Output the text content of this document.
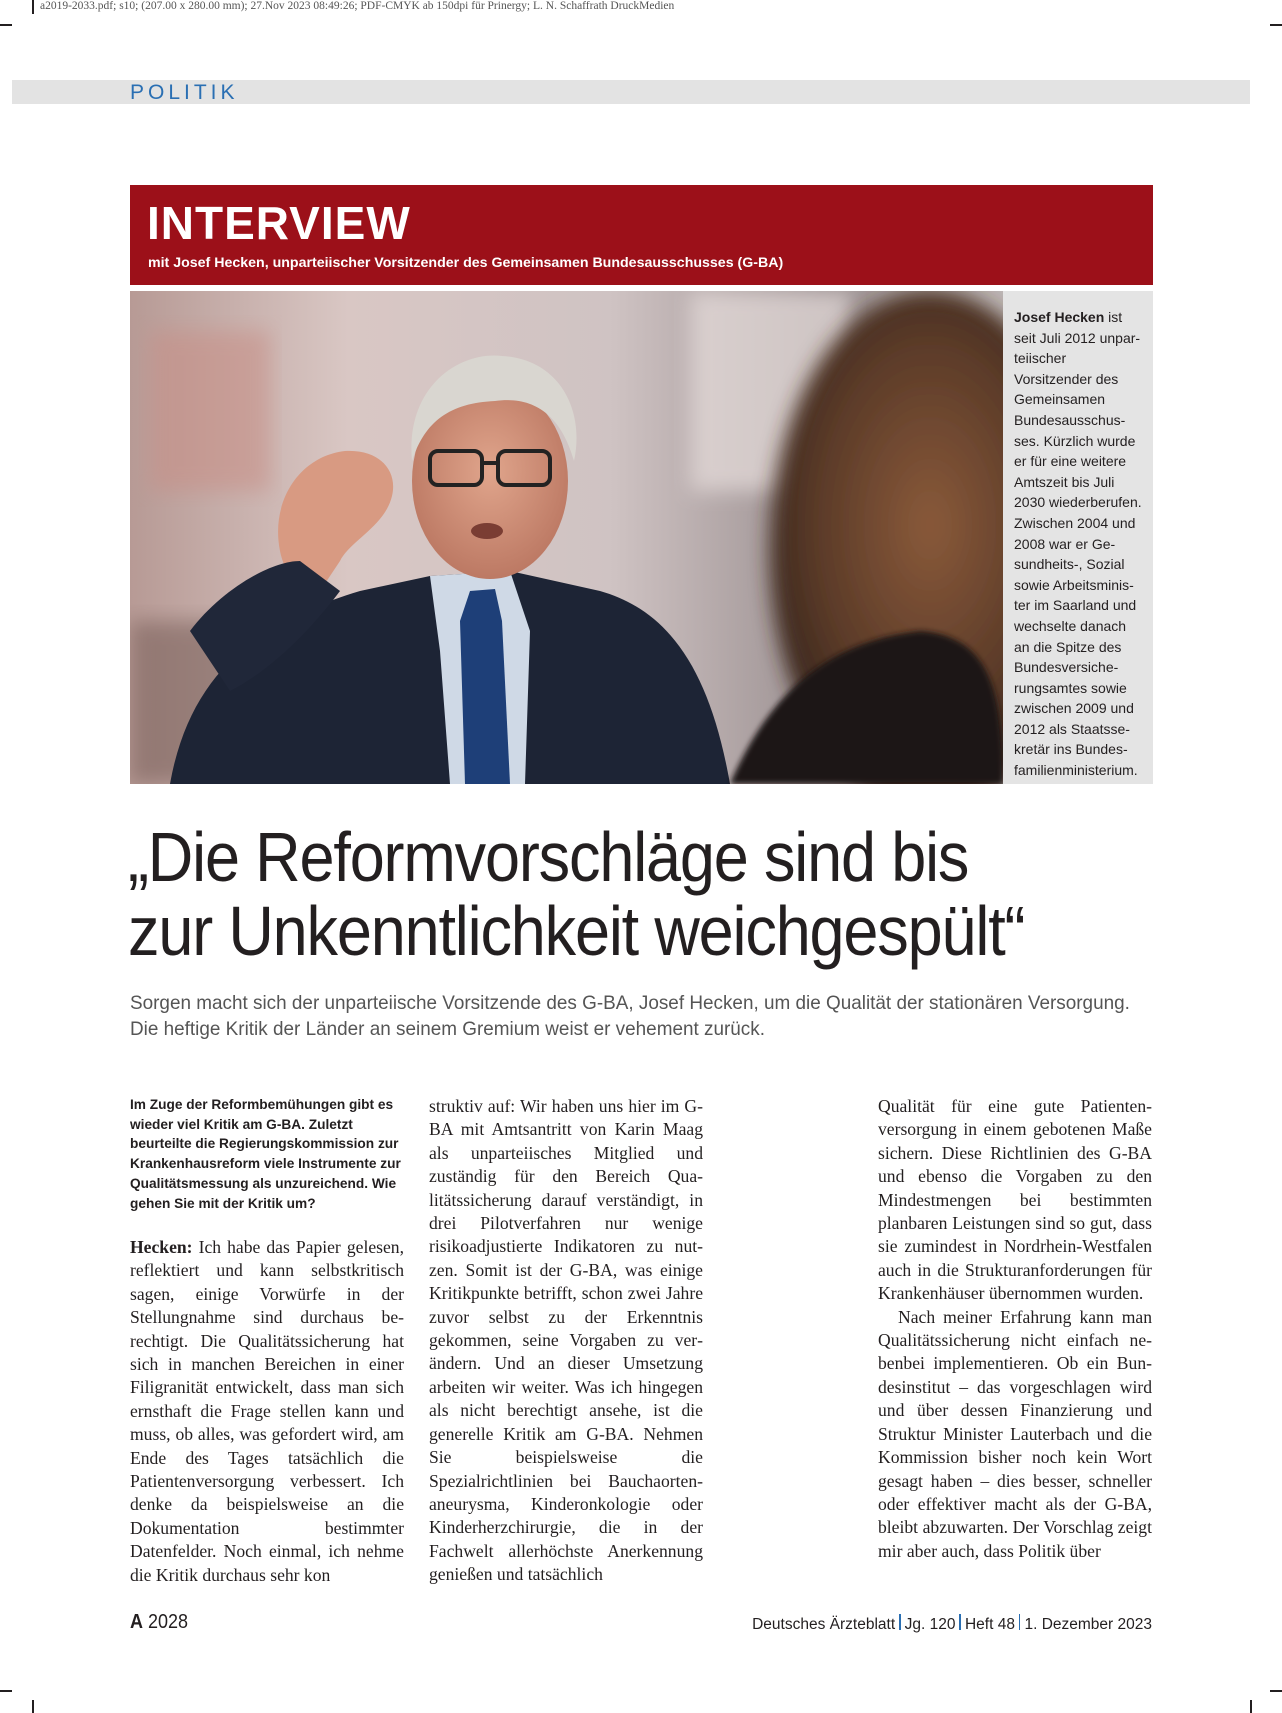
a2019-2033.pdf; s10; (207.00 x 280.00 mm); 27.Nov 2023 08:49:26; PDF-CMYK ab 150dpi für Prinergy; L. N. Schaffrath DruckMedien
POLITIK
INTERVIEW
mit Josef Hecken, unparteiischer Vorsitzender des Gemeinsamen Bundesausschusses (G-BA)
Josef Hecken ist seit Juli 2012 unparteiischer Vorsitzender des Gemeinsamen Bundesausschusses. Kürzlich wurde er für eine weitere Amtszeit bis Juli 2030 wiederberufen. Zwischen 2004 und 2008 war er Gesundheits-, Sozial sowie Arbeitsminister im Saarland und wechselte danach an die Spitze des Bundesversicherungsamtes sowie zwischen 2009 und 2012 als Staatssekretär ins Bundesfamilienministerium.
„Die Reformvorschläge sind bis
zur Unkenntlichkeit weichgespült“
Sorgen macht sich der unparteiische Vorsitzende des G-BA, Josef Hecken, um die Qualität der stationären Versorgung. Die heftige Kritik der Länder an seinem Gremium weist er vehement zurück.
Im Zuge der Reformbemühungen gibt es wieder viel Kritik am G-BA. Zuletzt beurteilte die Regierungskommission zur Krankenhausreform viele Instrumente zur Qualitätsmessung als unzureichend. Wie gehen Sie mit der Kritik um?

Hecken: Ich habe das Papier gelesen, reflektiert und kann selbstkritisch sagen, einige Vorwürfe in der Stellungnahme sind durchaus berechtigt. Die Qualitätssicherung hat sich in manchen Bereichen in einer Filigranität entwickelt, dass man sich ernsthaft die Frage stellen kann und muss, ob alles, was gefordert wird, am Ende des Tages tatsächlich die Patientenversorgung verbessert. Ich denke da beispielsweise an die Dokumentation bestimmter Datenfelder. Noch einmal, ich nehme die Kritik durchaus sehr kon

struktiv auf: Wir haben uns hier im G-BA mit Amtsantritt von Karin Maag als unparteiisches Mitglied und zuständig für den Bereich Qualitätssicherung darauf verständigt, in drei Pilotverfahren nur wenige risikoadjustierte Indikatoren zu nutzen. Somit ist der G-BA, was einige Kritikpunkte betrifft, schon zwei Jahre zuvor selbst zu der Erkenntnis gekommen, seine Vorgaben zu verändern. Und an dieser Umsetzung arbeiten wir weiter. Was ich hingegen als nicht berechtigt ansehe, ist die generelle Kritik am G-BA. Nehmen Sie beispielsweise die Spezialrichtlinien bei Bauchaortenaneurysma, Kinderonkologie oder Kinderherzchirurgie, die in der Fachwelt allerhöchste Anerkennung genießen und tatsächlich

Qualität für eine gute Patientenversorgung in einem gebotenen Maße sichern. Diese Richtlinien des G-BA und ebenso die Vorgaben zu den Mindestmengen bei bestimmten planbaren Leistungen sind so gut, dass sie zumindest in Nordrhein-Westfalen auch in die Strukturanforderungen für Krankenhäuser übernommen wurden.

Nach meiner Erfahrung kann man Qualitätssicherung nicht einfach nebenbei implementieren. Ob ein Bundesinstitut – das vorgeschlagen wird und über dessen Finanzierung und Struktur Minister Lauterbach und die Kommission bisher noch kein Wort gesagt haben – dies besser, schneller oder effektiver macht als der G-BA, bleibt abzuwarten. Der Vorschlag zeigt mir aber auch, dass Politik über

A 2028	Deutsches Ärzteblatt Jg. 120 Heft 48 1. Dezember 2023
